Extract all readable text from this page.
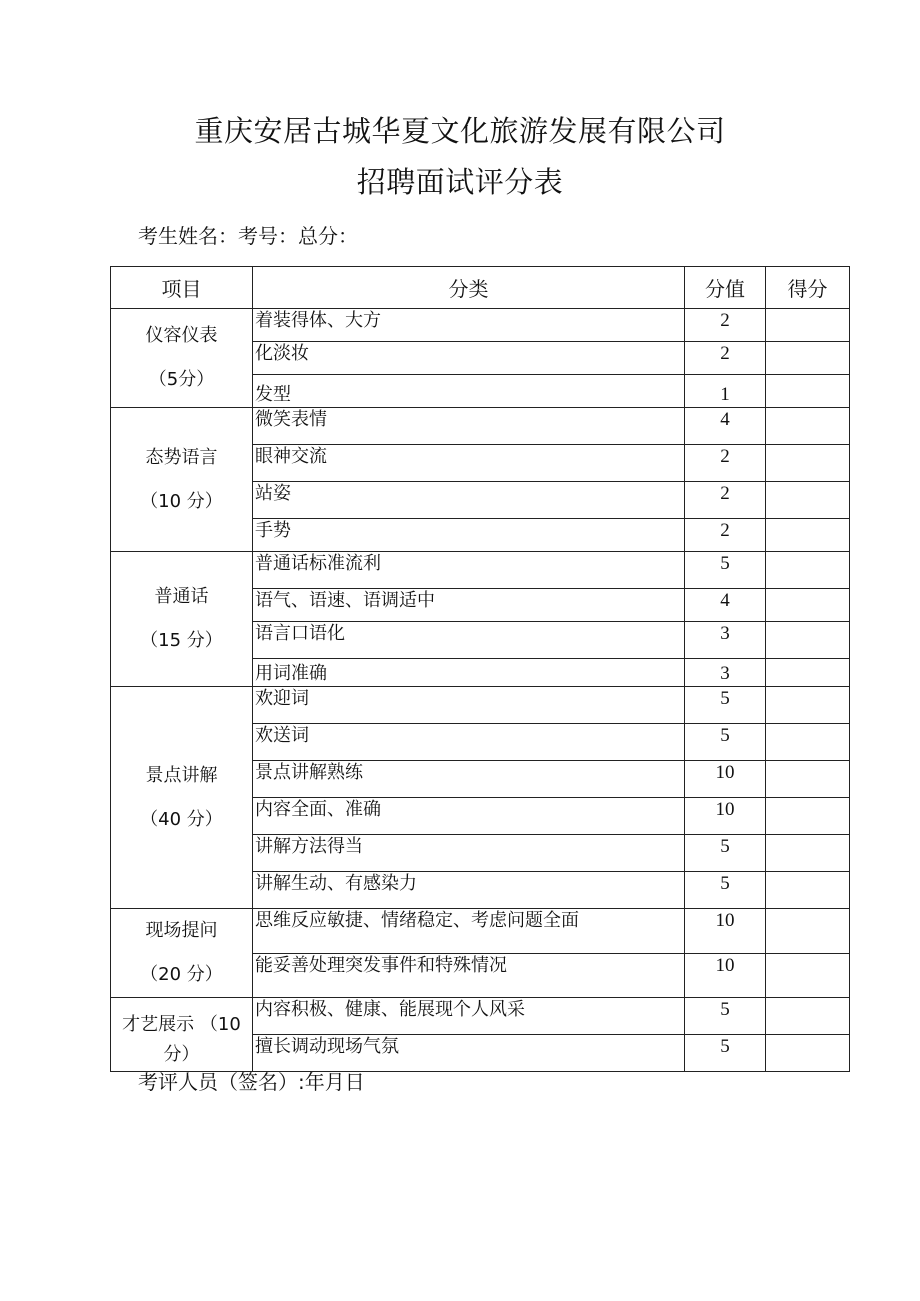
重庆安居古城华夏文化旅游发展有限公司
招聘面试评分表
考生姓名：考号：总分：
项目	分类	分值	得分

仪容仪表
（5分）	着装得体、大方	2	
	化淡妆	2	
	发型	1	

态势语言
（10 分）	微笑表情	4	
	眼神交流	2	
	站姿	2	
	手势	2	

普通话
（15 分）	普通话标准流利	5	
	语气、语速、语调适中	4	
	语言口语化	3	
	用词准确	3	

景点讲解
（40 分）	欢迎词	5	
	欢送词	5	
	景点讲解熟练	10	
	内容全面、准确	10	
	讲解方法得当	5	
	讲解生动、有感染力	5	

现场提问
（20 分）	思维反应敏捷、情绪稳定、考虑问题全面	10	
	能妥善处理突发事件和特殊情况	10	

才艺展示 （10 分）	内容积极、健康、能展现个人风采	5	
	擅长调动现场气氛	5	
考评人员（签名）:年月日
